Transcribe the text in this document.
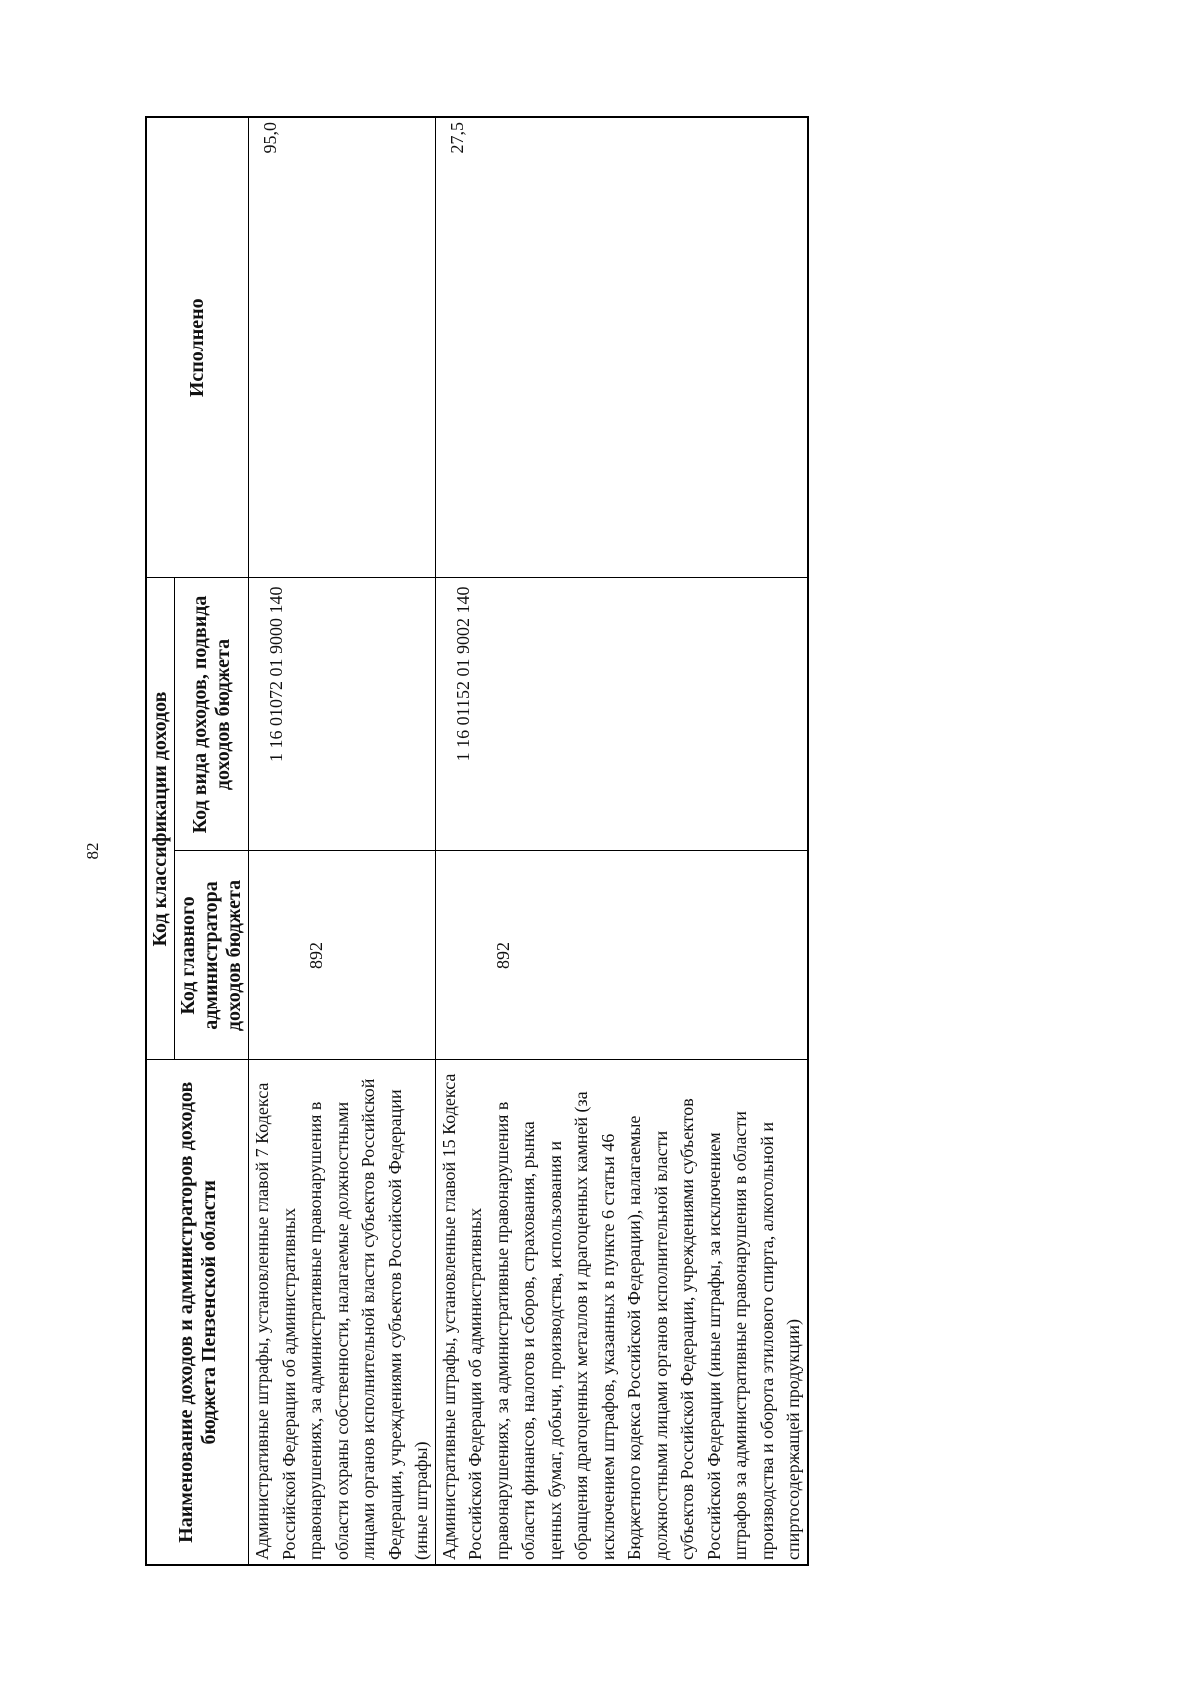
82
Наименование доходов и администраторов доходов бюджета Пензенской области	Код классификации доходов		Исполнено
	Код главного администратора доходов бюджета	Код вида доходов, подвида доходов бюджета	
Административные штрафы, установленные главой 7 Кодекса Российской Федерации об административных правонарушениях, за административные правонарушения в области охраны собственности, налагаемые должностными лицами органов исполнительной власти субъектов Российской Федерации, учреждениями субъектов Российской Федерации (иные штрафы)	892	1 16 01072 01 9000 140	95,0
Административные штрафы, установленные главой 15 Кодекса Российской Федерации об административных правонарушениях, за административные правонарушения в области финансов, налогов и сборов, страхования, рынка ценных бумаг, добычи, производства, использования и обращения драгоценных металлов и драгоценных камней (за исключением штрафов, указанных в пункте 6 статьи 46 Бюджетного кодекса Российской Федерации), налагаемые должностными лицами органов исполнительной власти субъектов Российской Федерации, учреждениями субъектов Российской Федерации (иные штрафы, за исключением штрафов за административные правонарушения в области производства и оборота этилового спирта, алкогольной и спиртосодержащей продукции)	892	1 16 01152 01 9002 140	27,5
